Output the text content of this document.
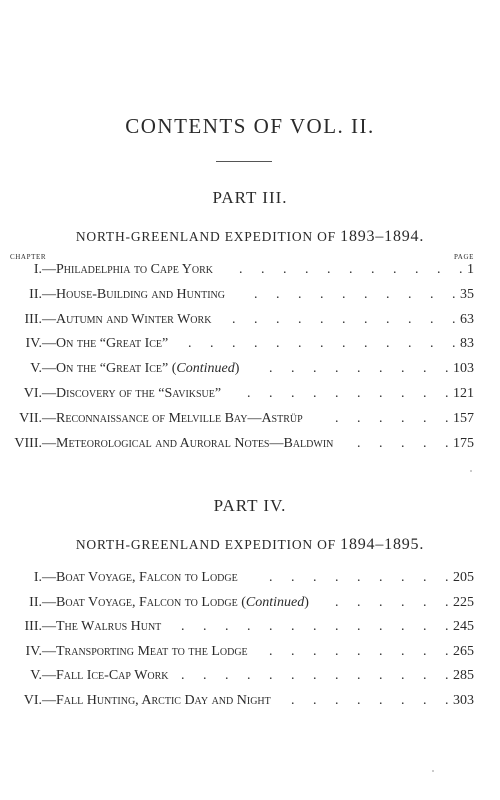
CONTENTS OF VOL. II.
PART III.
NORTH-GREENLAND EXPEDITION OF 1893–1894.
CHAPTER	PAGE
.
.
.
.
.
.
.
.
.
.
.
I. —Philadelphia to Cape York	1
.
.
.
.
.
.
.
.
.
.
II. —House-Building and Hunting	35
.
.
.
.
.
.
.
.
.
.
.
III. —Autumn and Winter Work	63
.
.
.
.
.
.
.
.
.
.
.
.
.
IV. —On the “Great Ice”	83
.
.
.
.
.
.
.
.
.
V. —On the “Great Ice” (Continued)	103
.
.
.
.
.
.
.
.
.
.
VI. —Discovery of the “Saviksue”	121
.
.
.
.
.
.
VII. —Reconnaissance of Melville Bay—Astrüp	157
.
.
.
.
.
VIII. —Meteorological and Auroral Notes—Baldwin	175
PART IV.
NORTH-GREENLAND EXPEDITION OF 1894–1895.
.
.
.
.
.
.
.
.
.
I. —Boat Voyage, Falcon to Lodge	205
.
.
.
.
.
.
II. —Boat Voyage, Falcon to Lodge (Continued)	225
.
.
.
.
.
.
.
.
.
.
.
.
.
III. —The Walrus Hunt	245
.
.
.
.
.
.
.
.
.
IV. —Transporting Meat to the Lodge	265
.
.
.
.
.
.
.
.
.
.
.
.
.
V. —Fall Ice-Cap Work	285
.
.
.
.
.
.
.
.
VI. —Fall Hunting, Arctic Day and Night	303
